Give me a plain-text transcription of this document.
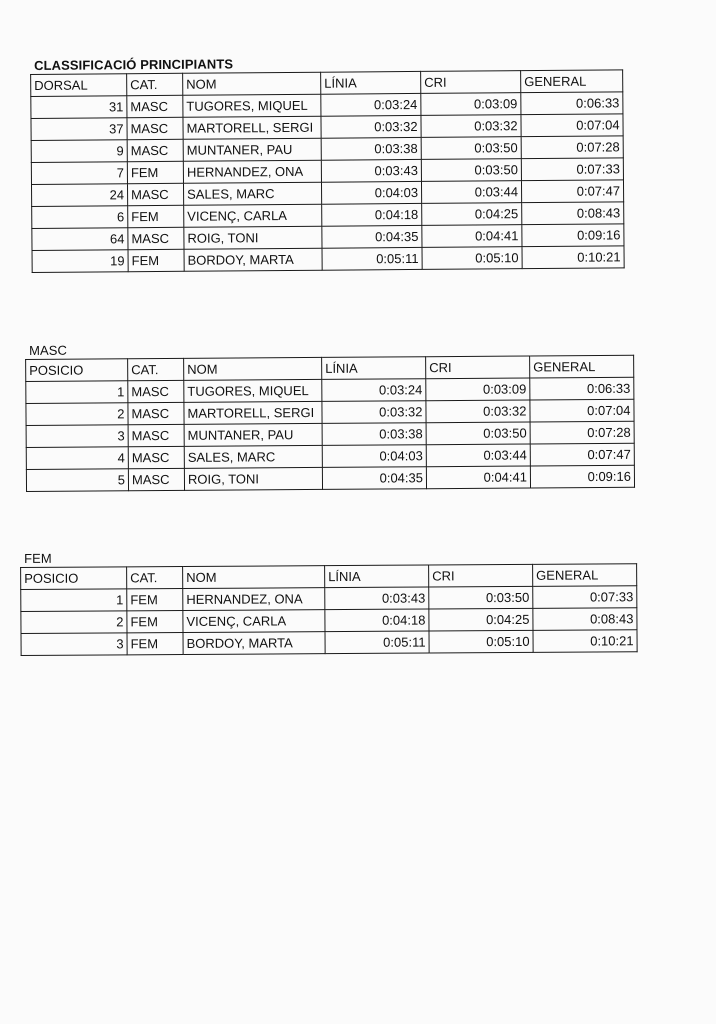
CLASSIFICACIÓ PRINCIPIANTS
DORSAL	CAT.	NOM	LÍNIA	CRI	GENERAL
31	MASC	TUGORES, MIQUEL	0:03:24	0:03:09	0:06:33
37	MASC	MARTORELL, SERGI	0:03:32	0:03:32	0:07:04
9	MASC	MUNTANER, PAU	0:03:38	0:03:50	0:07:28
7	FEM	HERNANDEZ, ONA	0:03:43	0:03:50	0:07:33
24	MASC	SALES, MARC	0:04:03	0:03:44	0:07:47
6	FEM	VICENÇ, CARLA	0:04:18	0:04:25	0:08:43
64	MASC	ROIG, TONI	0:04:35	0:04:41	0:09:16
19	FEM	BORDOY, MARTA	0:05:11	0:05:10	0:10:21
MASC
POSICIO	CAT.	NOM	LÍNIA	CRI	GENERAL
1	MASC	TUGORES, MIQUEL	0:03:24	0:03:09	0:06:33
2	MASC	MARTORELL, SERGI	0:03:32	0:03:32	0:07:04
3	MASC	MUNTANER, PAU	0:03:38	0:03:50	0:07:28
4	MASC	SALES, MARC	0:04:03	0:03:44	0:07:47
5	MASC	ROIG, TONI	0:04:35	0:04:41	0:09:16
FEM
POSICIO	CAT.	NOM	LÍNIA	CRI	GENERAL
1	FEM	HERNANDEZ, ONA	0:03:43	0:03:50	0:07:33
2	FEM	VICENÇ, CARLA	0:04:18	0:04:25	0:08:43
3	FEM	BORDOY, MARTA	0:05:11	0:05:10	0:10:21
